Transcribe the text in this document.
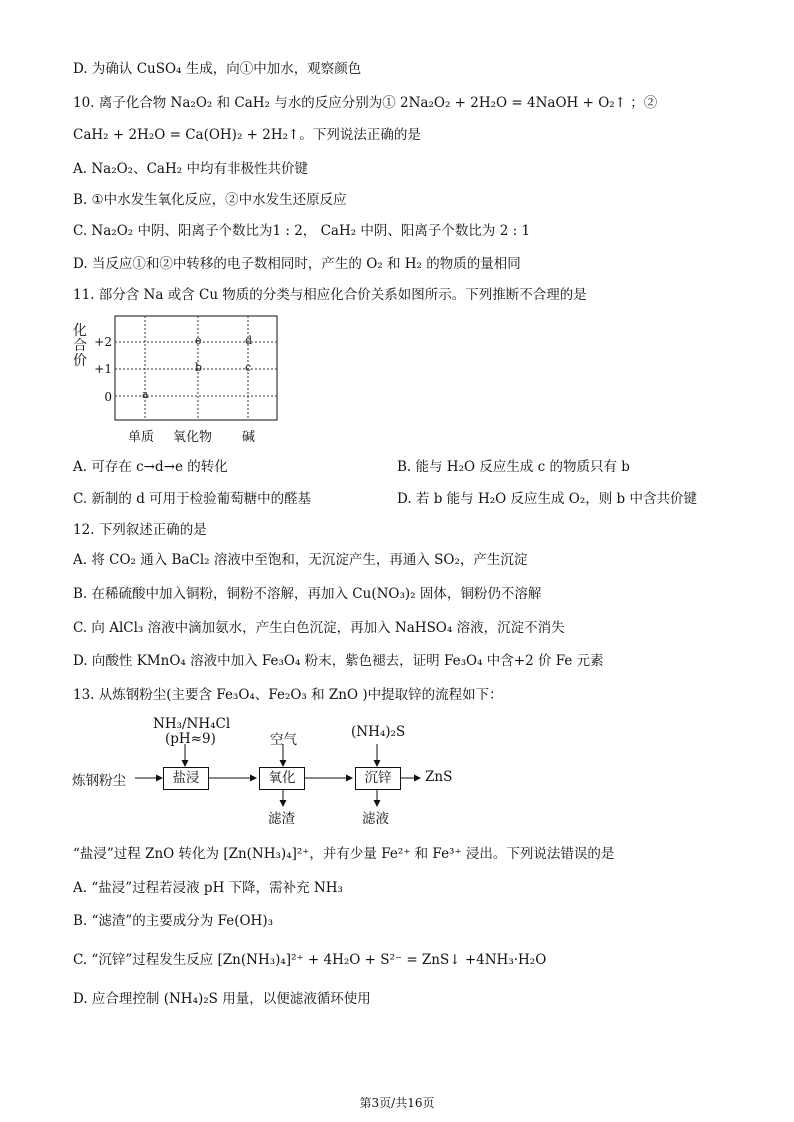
D. 为确认 CuSO₄ 生成，向①中加水，观察颜色
10. 离子化合物 Na₂O₂ 和 CaH₂ 与水的反应分别为① 2Na₂O₂ + 2H₂O = 4NaOH + O₂↑ ；②
CaH₂ + 2H₂O = Ca(OH)₂ + 2H₂↑。下列说法正确的是
A. Na₂O₂、CaH₂ 中均有非极性共价键
B. ①中水发生氧化反应，②中水发生还原反应
C. Na₂O₂ 中阴、阳离子个数比为1 : 2， CaH₂ 中阴、阳离子个数比为 2 : 1
D. 当反应①和②中转移的电子数相同时，产生的 O₂ 和 H₂ 的物质的量相同
11. 部分含 Na 或含 Cu 物质的分类与相应化合价关系如图所示。下列推断不合理的是
化合价
+2
+1
0	a
b
e
c
d
单质 氧化物 碱
A. 可存在 c→d→e 的转化	B. 能与 H₂O 反应生成 c 的物质只有 b
C. 新制的 d 可用于检验葡萄糖中的醛基	D. 若 b 能与 H₂O 反应生成 O₂，则 b 中含共价键
12. 下列叙述正确的是
A. 将 CO₂ 通入 BaCl₂ 溶液中至饱和，无沉淀产生，再通入 SO₂，产生沉淀
B. 在稀硫酸中加入铜粉，铜粉不溶解，再加入 Cu(NO₃)₂ 固体，铜粉仍不溶解
C. 向 AlCl₃ 溶液中滴加氨水，产生白色沉淀，再加入 NaHSO₄ 溶液，沉淀不消失
D. 向酸性 KMnO₄ 溶液中加入 Fe₃O₄ 粉末，紫色褪去，证明 Fe₃O₄ 中含+2 价 Fe 元素
13. 从炼钢粉尘(主要含 Fe₃O₄、Fe₂O₃ 和 ZnO )中提取锌的流程如下：
NH₃/NH₄Cl
(pH≈9)	空气	(NH₄)₂S
炼钢粉尘	盐浸	氧化	沉锌	ZnS
滤渣	滤液
“盐浸”过程 ZnO 转化为 [Zn(NH₃)₄]²⁺，并有少量 Fe²⁺ 和 Fe³⁺ 浸出。下列说法错误的是
A. “盐浸”过程若浸液 pH 下降，需补充 NH₃
B. “滤渣”的主要成分为 Fe(OH)₃
C. “沉锌”过程发生反应 [Zn(NH₃)₄]²⁺ + 4H₂O + S²⁻ = ZnS↓ +4NH₃·H₂O
D. 应合理控制 (NH₄)₂S 用量，以便滤液循环使用
第3页/共16页
